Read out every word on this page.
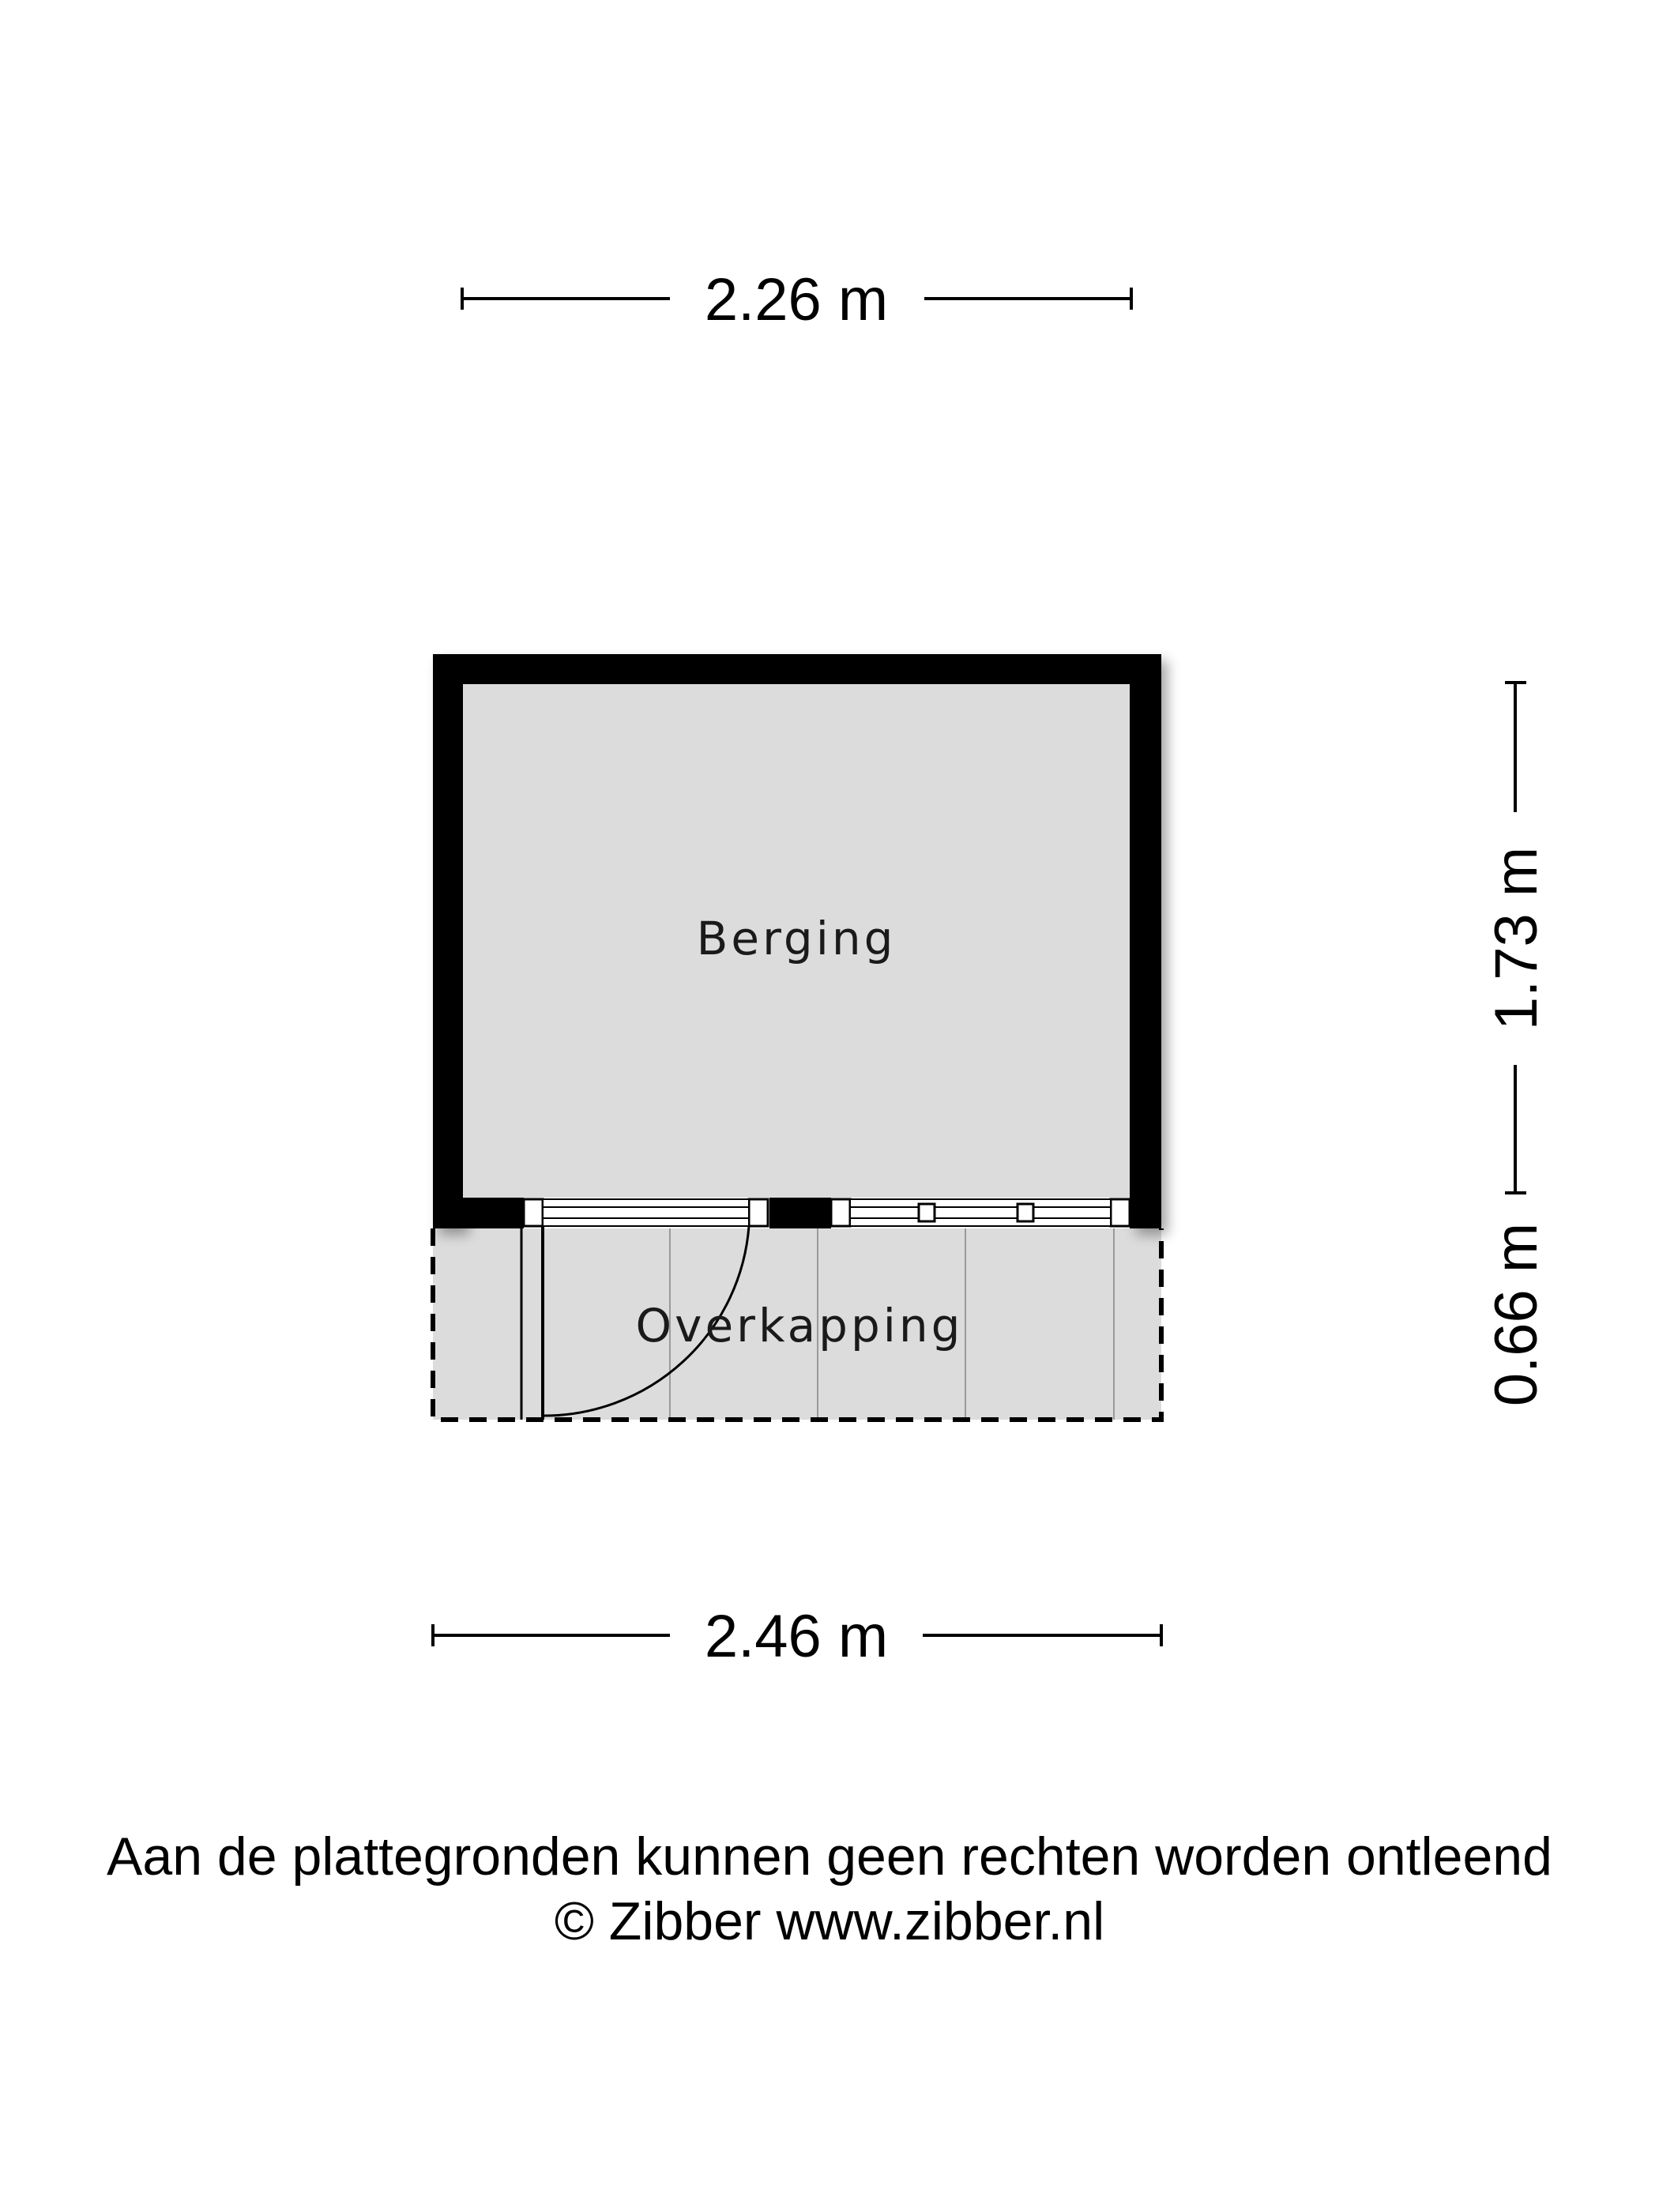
2.26 m
Berging
Overkapping
1.73 m
0.66 m
2.46 m
Aan de plattegronden kunnen geen rechten worden ontleend
© Zibber www.zibber.nl
